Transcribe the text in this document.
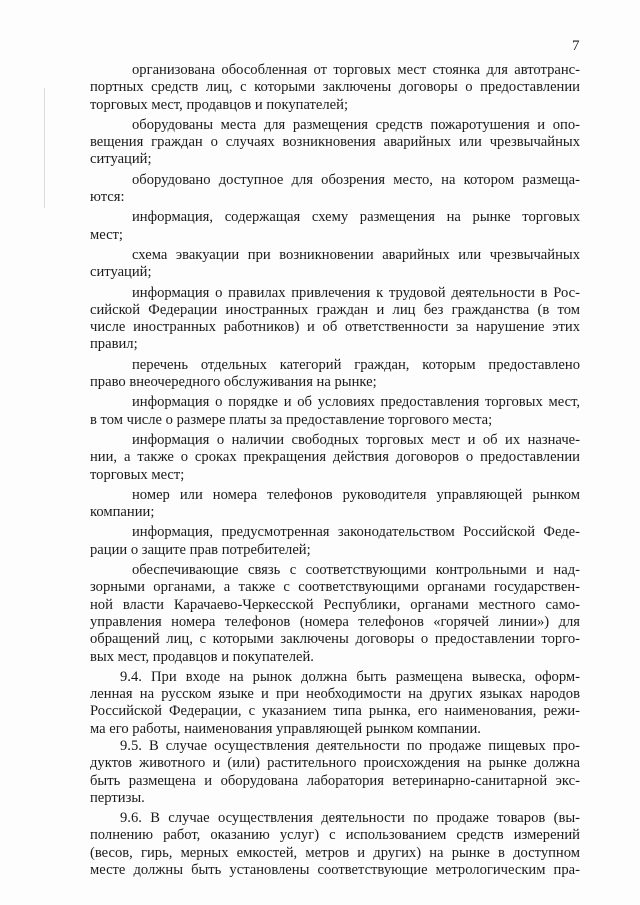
7
организована обособленная от торговых мест стоянка для автотранс-
портных средств лиц, с которыми заключены договоры о предоставлении
торговых мест, продавцов и покупателей;
оборудованы места для размещения средств пожаротушения и опо-
вещения граждан о случаях возникновения аварийных или чрезвычайных
ситуаций;
оборудовано доступное для обозрения место, на котором размеща-
ются:
информация, содержащая схему размещения на рынке торговых
мест;
схема эвакуации при возникновении аварийных или чрезвычайных
ситуаций;
информация о правилах привлечения к трудовой деятельности в Рос-
сийской Федерации иностранных граждан и лиц без гражданства (в том
числе иностранных работников) и об ответственности за нарушение этих
правил;
перечень отдельных категорий граждан, которым предоставлено
право внеочередного обслуживания на рынке;
информация о порядке и об условиях предоставления торговых мест,
в том числе о размере платы за предоставление торгового места;
информация о наличии свободных торговых мест и об их назначе-
нии, а также о сроках прекращения действия договоров о предоставлении
торговых мест;
номер или номера телефонов руководителя управляющей рынком
компании;
информация, предусмотренная законодательством Российской Феде-
рации о защите прав потребителей;
обеспечивающие связь с соответствующими контрольными и над-
зорными органами, а также с соответствующими органами государствен-
ной власти Карачаево-Черкесской Республики, органами местного само-
управления номера телефонов (номера телефонов «горячей линии») для
обращений лиц, с которыми заключены договоры о предоставлении торго-
вых мест, продавцов и покупателей.
9.4. При входе на рынок должна быть размещена вывеска, оформ-
ленная на русском языке и при необходимости на других языках народов
Российской Федерации, с указанием типа рынка, его наименования, режи-
ма его работы, наименования управляющей рынком компании.
9.5. В случае осуществления деятельности по продаже пищевых про-
дуктов животного и (или) растительного происхождения на рынке должна
быть размещена и оборудована лаборатория ветеринарно-санитарной экс-
пертизы.
9.6. В случае осуществления деятельности по продаже товаров (вы-
полнению работ, оказанию услуг) с использованием средств измерений
(весов, гирь, мерных емкостей, метров и других) на рынке в доступном
месте должны быть установлены соответствующие метрологическим пра-
